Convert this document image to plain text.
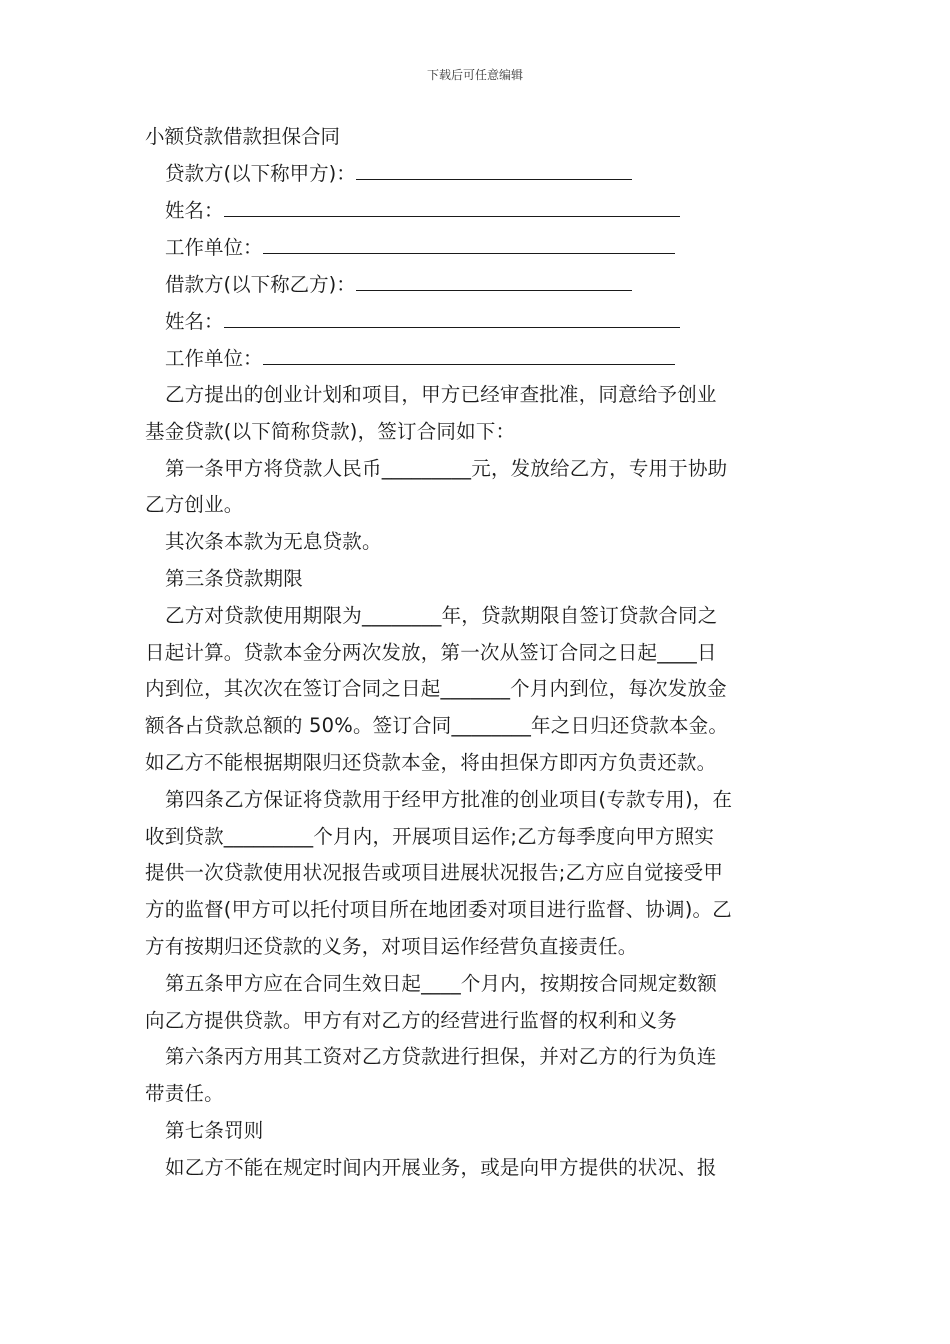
下载后可任意编辑
小额贷款借款担保合同
贷款方(以下称甲方)：
姓名：
工作单位：
借款方(以下称乙方)：
姓名：
工作单位：
乙方提出的创业计划和项目，甲方已经审查批准，同意给予创业
基金贷款(以下简称贷款)，签订合同如下：
第一条甲方将贷款人民币_________元，发放给乙方，专用于协助
乙方创业。
其次条本款为无息贷款。
第三条贷款期限
乙方对贷款使用期限为________年，贷款期限自签订贷款合同之
日起计算。贷款本金分两次发放，第一次从签订合同之日起____日
内到位，其次次在签订合同之日起_______个月内到位，每次发放金
额各占贷款总额的 50%。签订合同________年之日归还贷款本金。
如乙方不能根据期限归还贷款本金，将由担保方即丙方负责还款。
第四条乙方保证将贷款用于经甲方批准的创业项目(专款专用)，在
收到贷款_________个月内，开展项目运作;乙方每季度向甲方照实
提供一次贷款使用状况报告或项目进展状况报告;乙方应自觉接受甲
方的监督(甲方可以托付项目所在地团委对项目进行监督、协调)。乙
方有按期归还贷款的义务，对项目运作经营负直接责任。
第五条甲方应在合同生效日起____个月内，按期按合同规定数额
向乙方提供贷款。甲方有对乙方的经营进行监督的权利和义务
第六条丙方用其工资对乙方贷款进行担保，并对乙方的行为负连
带责任。
第七条罚则
如乙方不能在规定时间内开展业务，或是向甲方提供的状况、报
